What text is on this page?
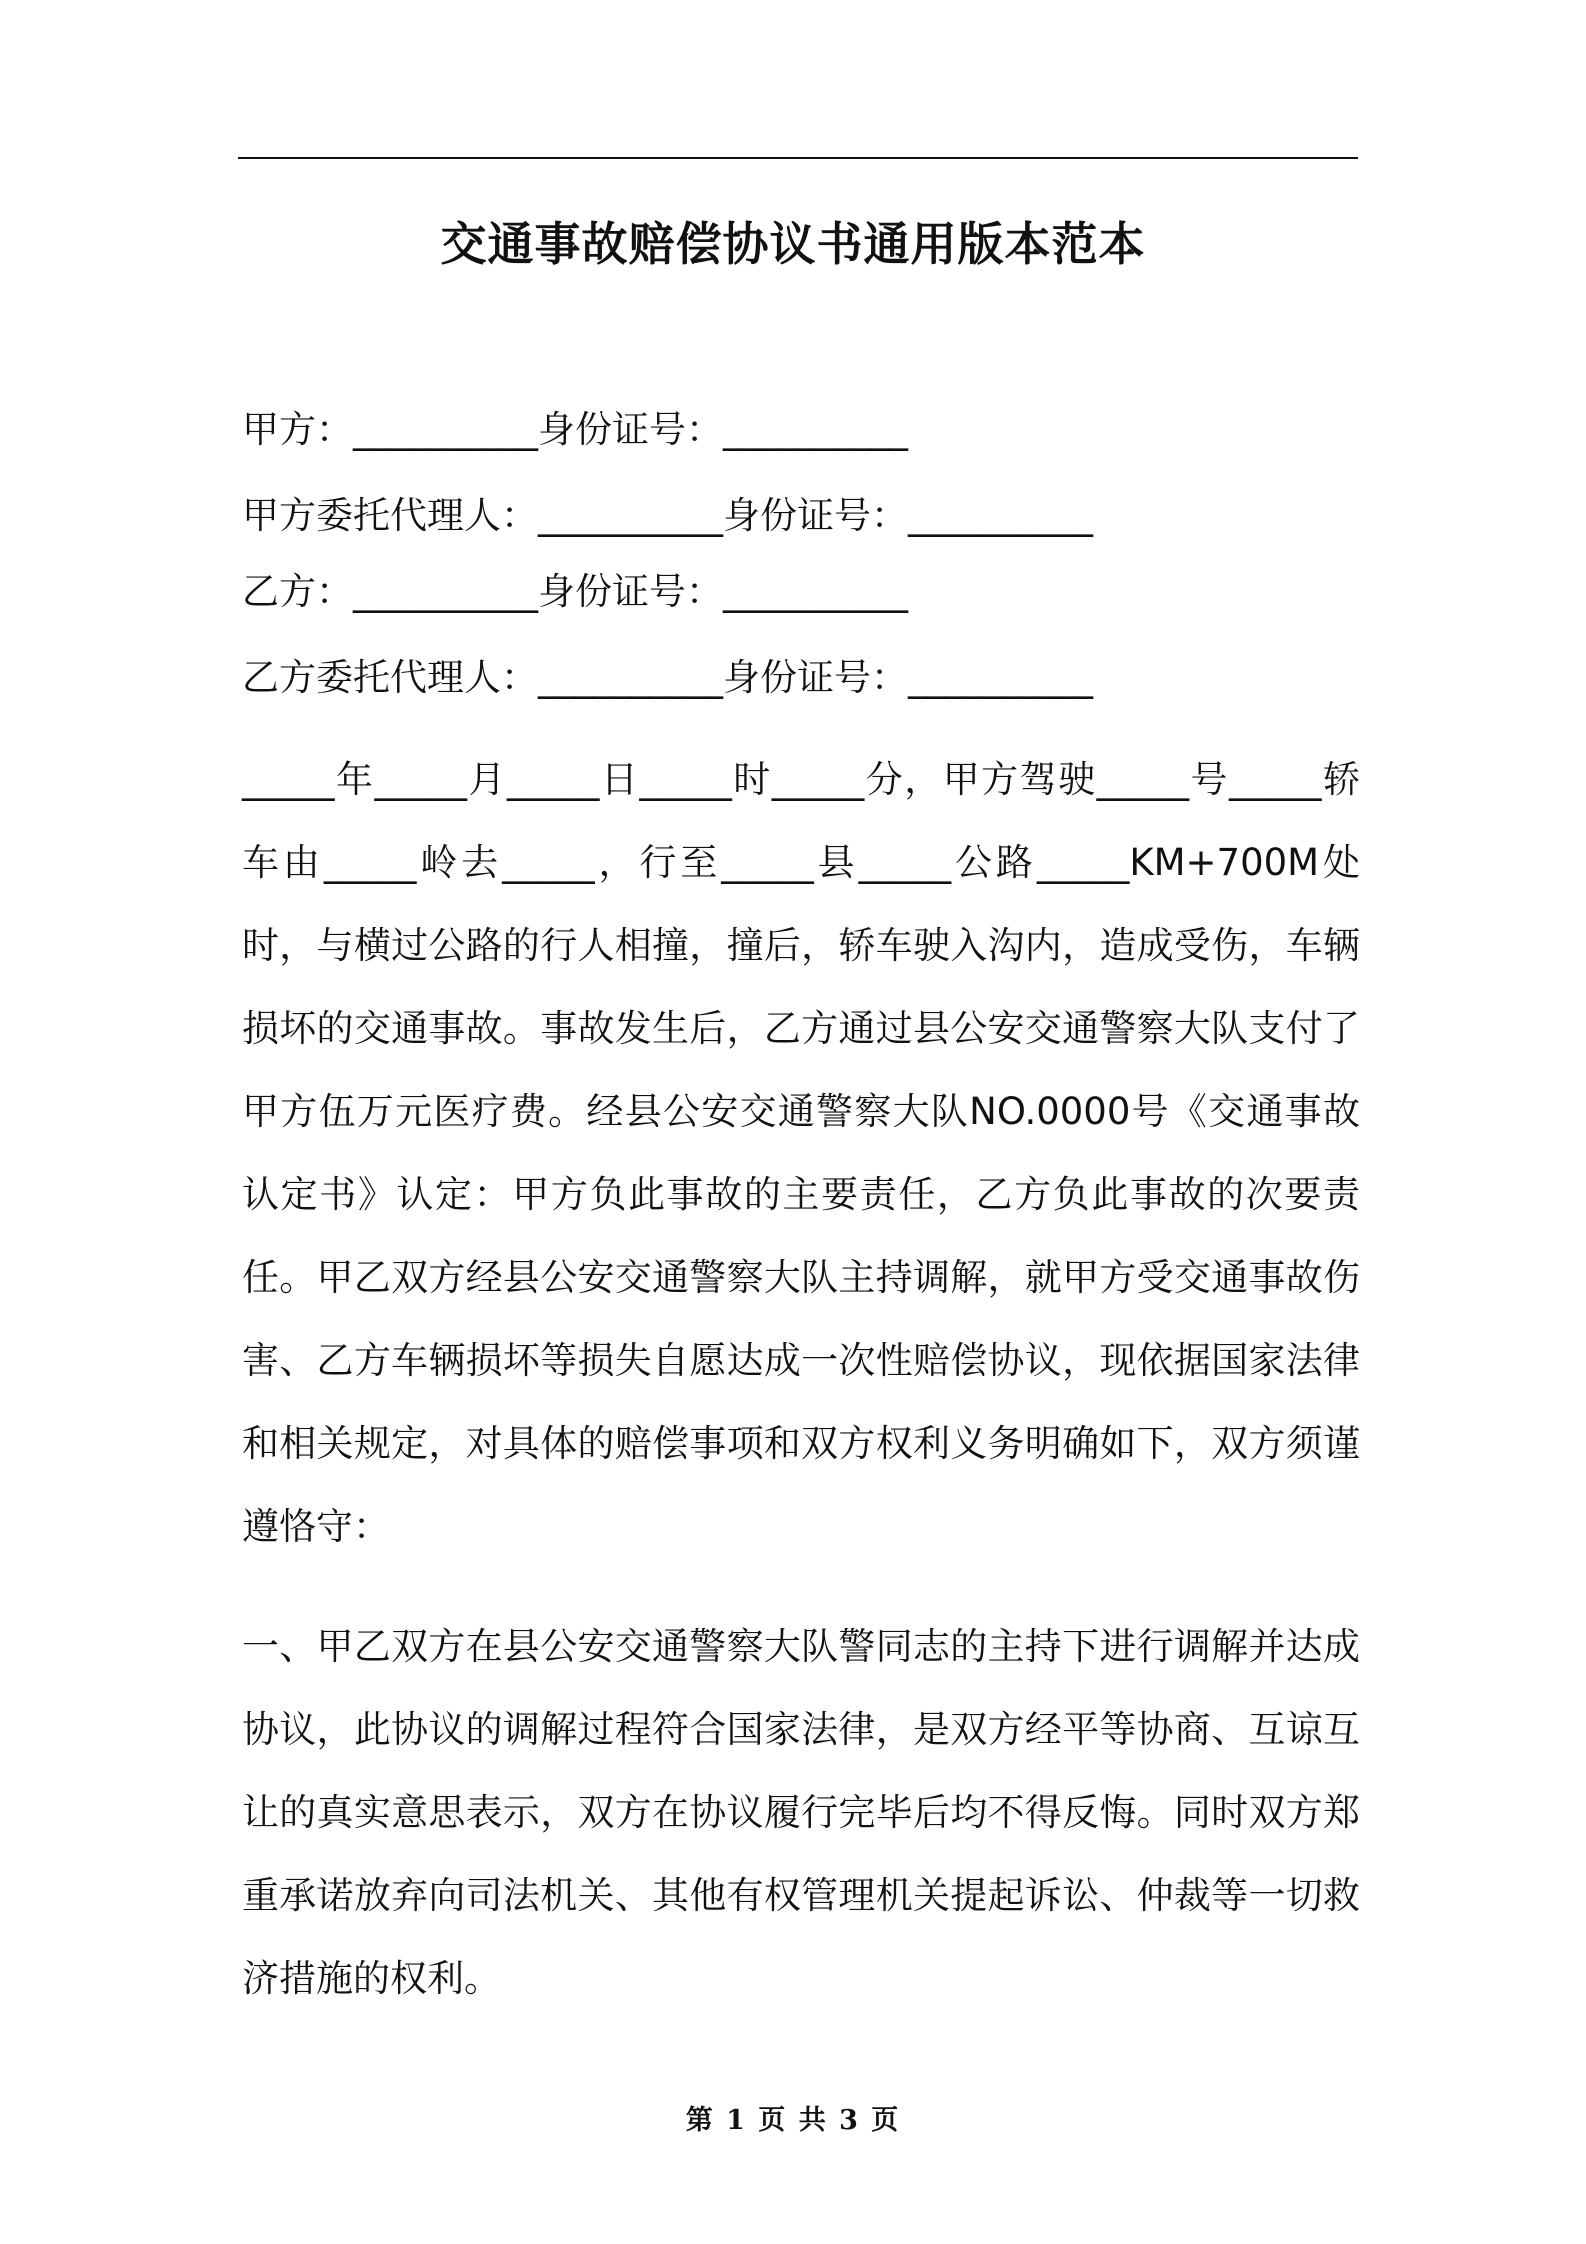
交通事故赔偿协议书通用版本范本
甲方：__________身份证号：__________
甲方委托代理人：__________身份证号：__________
乙方：__________身份证号：__________
乙方委托代理人：__________身份证号：__________

_____年_____月_____日_____时_____分，甲方驾驶_____号_____轿车由_____岭去_____，行至_____县_____公路_____KM+700M处时，与横过公路的行人相撞，撞后，轿车驶入沟内，造成受伤，车辆损坏的交通事故。事故发生后，乙方通过县公安交通警察大队支付了甲方伍万元医疗费。经县公安交通警察大队NO.0000号《交通事故认定书》认定：甲方负此事故的主要责任，乙方负此事故的次要责任。甲乙双方经县公安交通警察大队主持调解，就甲方受交通事故伤害、乙方车辆损坏等损失自愿达成一次性赔偿协议，现依据国家法律和相关规定，对具体的赔偿事项和双方权利义务明确如下，双方须谨遵恪守：

一、甲乙双方在县公安交通警察大队警同志的主持下进行调解并达成协议，此协议的调解过程符合国家法律，是双方经平等协商、互谅互让的真实意思表示，双方在协议履行完毕后均不得反悔。同时双方郑重承诺放弃向司法机关、其他有权管理机关提起诉讼、仲裁等一切救济措施的权利。

第 1 页 共 3 页
